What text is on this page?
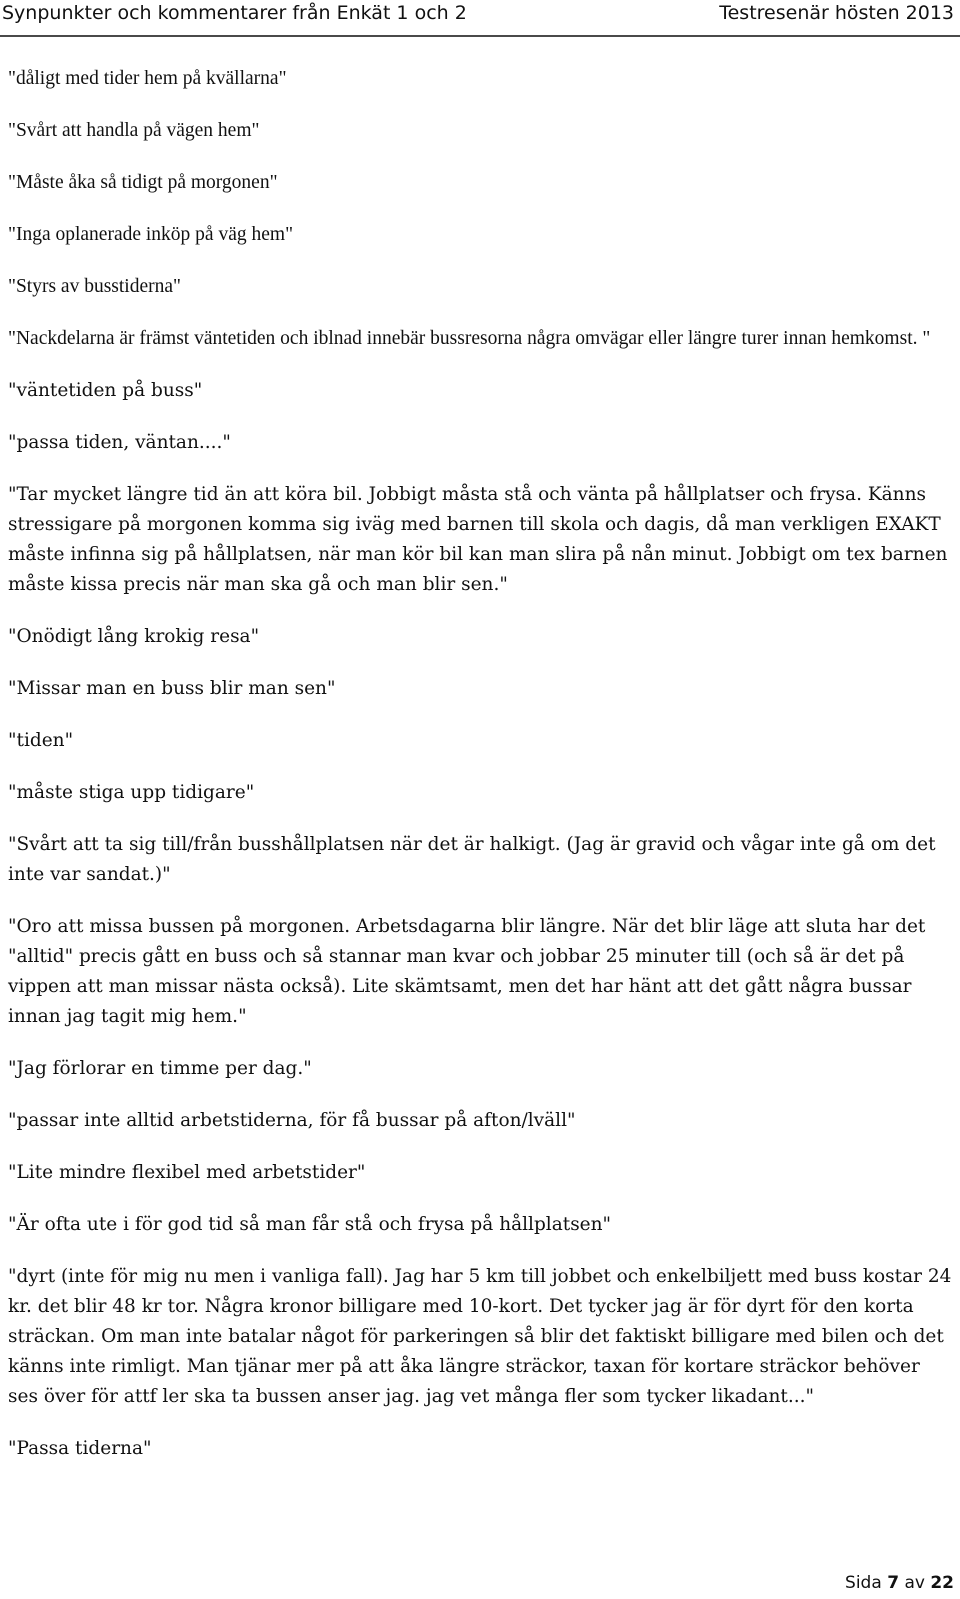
Synpunkter och kommentarer från Enkät 1 och 2	Testresenär hösten 2013

"dåligt med tider hem på kvällarna"

"Svårt att handla på vägen hem"

"Måste åka så tidigt på morgonen"

"Inga oplanerade inköp på väg hem"

"Styrs av busstiderna"

"Nackdelarna är främst väntetiden och iblnad innebär bussresorna några omvägar eller längre turer innan hemkomst. "

"väntetiden på buss"

"passa tiden, väntan...."

"Tar mycket längre tid än att köra bil. Jobbigt måsta stå och vänta på hållplatser och frysa. Känns stressigare på morgonen komma sig iväg med barnen till skola och dagis, då man verkligen EXAKT måste infinna sig på hållplatsen, när man kör bil kan man slira på nån minut. Jobbigt om tex barnen måste kissa precis när man ska gå och man blir sen."

"Onödigt lång krokig resa"

"Missar man en buss blir man sen"

"tiden"

"måste stiga upp tidigare"

"Svårt att ta sig till/från busshållplatsen när det är halkigt. (Jag är gravid och vågar inte gå om det inte var sandat.)"

"Oro att missa bussen på morgonen. Arbetsdagarna blir längre. När det blir läge att sluta har det "alltid" precis gått en buss och så stannar man kvar och jobbar 25 minuter till (och så är det på vippen att man missar nästa också). Lite skämtsamt, men det har hänt att det gått några bussar innan jag tagit mig hem."

"Jag förlorar en timme per dag."

"passar inte alltid arbetstiderna, för få bussar på afton/lväll"

"Lite mindre flexibel med arbetstider"

"Är ofta ute i för god tid så man får stå och frysa på hållplatsen"

"dyrt (inte för mig nu men i vanliga fall). Jag har 5 km till jobbet och enkelbiljett med buss kostar 24 kr. det blir 48 kr tor. Några kronor billigare med 10-kort. Det tycker jag är för dyrt för den korta sträckan. Om man inte batalar något för parkeringen så blir det faktiskt billigare med bilen och det känns inte rimligt. Man tjänar mer på att åka längre sträckor, taxan för kortare sträckor behöver ses över för attf ler ska ta bussen anser jag. jag vet många fler som tycker likadant..."

"Passa tiderna"

Sida 7 av 22
